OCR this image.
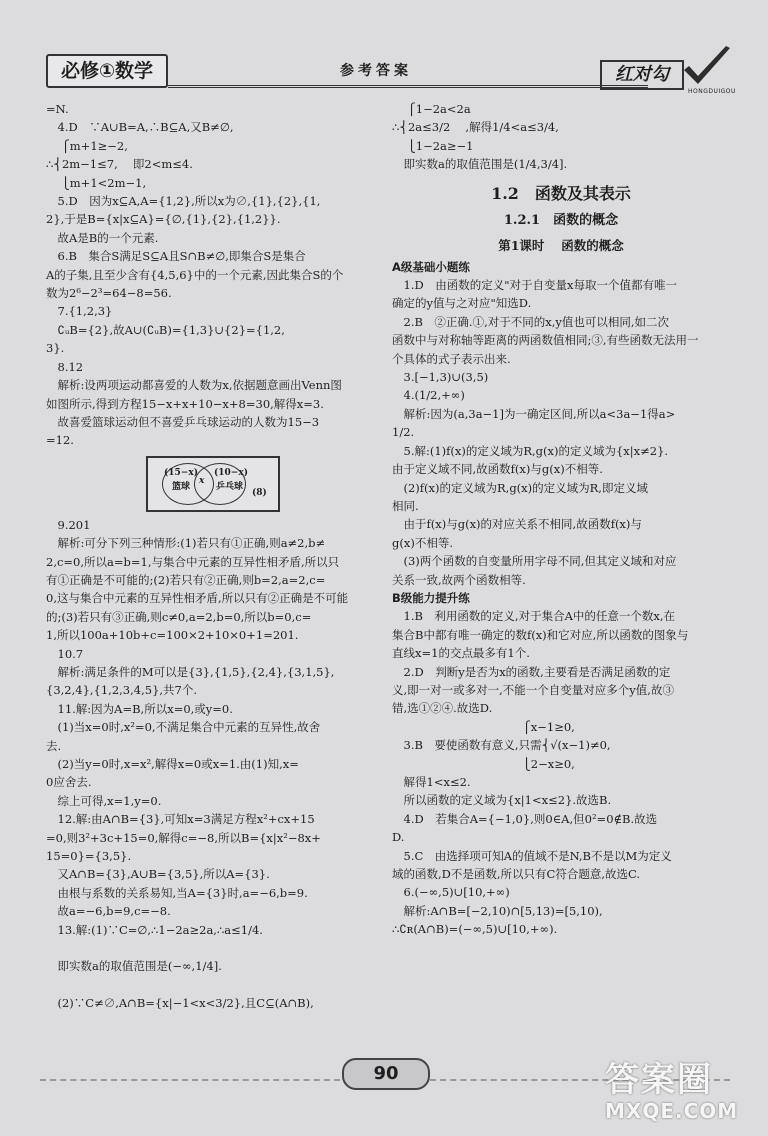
必修①数学	参考答案	红对勾
HONGDUIGOU

=N.

　4.D　∵A∪B=A,∴B⊆A,又B≠∅,

　 ⎧m+1≥−2,

∴⎨2m−1≤7,　 即2<m≤4.

　 ⎩m+1<2m−1,

　5.D　因为x⊆A,A={1,2},所以x为∅,{1},{2},{1,

2},于是B={x|x⊆A}={∅,{1},{2},{1,2}}.

　故A是B的一个元素.

　6.B　集合S满足S⊆A且S∩B≠∅,即集合S是集合

A的子集,且至少含有{4,5,6}中的一个元素,因此集合S的个

数为2⁶−2³=64−8=56.

　7.{1,2,3}

　∁ᵤB={2},故A∪(∁ᵤB)={1,3}∪{2}={1,2,

3}.

　8.12

　解析:设两项运动都喜爱的人数为x,依据题意画出Venn图

如图所示,得到方程15−x+x+10−x+8=30,解得x=3.

　故喜爱篮球运动但不喜爱乒乓球运动的人数为15−3

=12.

(15−x)
篮球
x
(10−x)
乒乓球
(8)

　9.201

　解析:可分下列三种情形:(1)若只有①正确,则a≠2,b≠

2,c=0,所以a=b=1,与集合中元素的互异性相矛盾,所以只

有①正确是不可能的;(2)若只有②正确,则b=2,a=2,c=

0,这与集合中元素的互异性相矛盾,所以只有②正确是不可能

的;(3)若只有③正确,则c≠0,a=2,b=0,所以b=0,c=

1,所以100a+10b+c=100×2+10×0+1=201.

　10.7

　解析:满足条件的M可以是{3},{1,5},{2,4},{3,1,5},

{3,2,4},{1,2,3,4,5},共7个.

　11.解:因为A=B,所以x=0,或y=0.

　(1)当x=0时,x²=0,不满足集合中元素的互异性,故舍

去.

　(2)当y=0时,x=x²,解得x=0或x=1.由(1)知,x=

0应舍去.

　综上可得,x=1,y=0.

　12.解:由A∩B={3},可知x=3满足方程x²+cx+15

=0,则3²+3c+15=0,解得c=−8,所以B={x|x²−8x+

15=0}={3,5}.

　又A∩B={3},A∪B={3,5},所以A={3}.

　由根与系数的关系易知,当A={3}时,a=−6,b=9.

　故a=−6,b=9,c=−8.

　13.解:(1)∵C=∅,∴1−2a≥2a,∴a≤1/4.

　即实数a的取值范围是(−∞,1/4].

　(2)∵C≠∅,A∩B={x|−1<x<3/2},且C⊆(A∩B),

　 ⎧1−2a<2a

∴⎨2a≤3/2　 ,解得1/4<a≤3/4,

　 ⎩1−2a≥−1

　即实数a的取值范围是(1/4,3/4].

1.2　函数及其表示

1.2.1　函数的概念

第1课时　 函数的概念

A级基础小题练

　1.D　由函数的定义"对于自变量x每取一个值都有唯一

确定的y值与之对应"知选D.

　2.B　②正确.①,对于不同的x,y值也可以相同,如二次

函数中与对称轴等距离的两函数值相同;③,有些函数无法用一

个具体的式子表示出来.

　3.[−1,3)∪(3,5)

　4.(1/2,+∞)

　解析:因为(a,3a−1]为一确定区间,所以a<3a−1得a>

1/2.

　5.解:(1)f(x)的定义域为R,g(x)的定义域为{x|x≠2}.

由于定义域不同,故函数f(x)与g(x)不相等.

　(2)f(x)的定义域为R,g(x)的定义域为R,即定义域

相同.

　由于f(x)与g(x)的对应关系不相同,故函数f(x)与

g(x)不相等.

　(3)两个函数的自变量所用字母不同,但其定义域和对应

关系一致,故两个函数相等.

B级能力提升练

　1.B　利用函数的定义,对于集合A中的任意一个数x,在

集合B中都有唯一确定的数f(x)和它对应,所以函数的图象与

直线x=1的交点最多有1个.

　2.D　判断y是否为x的函数,主要看是否满足函数的定

义,即一对一或多对一,不能一个自变量对应多个y值,故③

错,选①②④.故选D.

　　　　　　　　　　　 ⎧x−1≥0,

　3.B　要使函数有意义,只需⎨√(x−1)≠0,

　　　　　　　　　　　 ⎩2−x≥0,

　解得1<x≤2.

　所以函数的定义域为{x|1<x≤2}.故选B.

　4.D　若集合A={−1,0},则0∈A,但0²=0∉B.故选

D.

　5.C　由选择项可知A的值域不是N,B不是以M为定义

域的函数,D不是函数,所以只有C符合题意,故选C.

　6.(−∞,5)∪[10,+∞)

　解析:A∩B=[−2,10)∩[5,13)=[5,10),

∴∁ʀ(A∩B)=(−∞,5)∪[10,+∞).

90	答案圈
MXQE.COM
